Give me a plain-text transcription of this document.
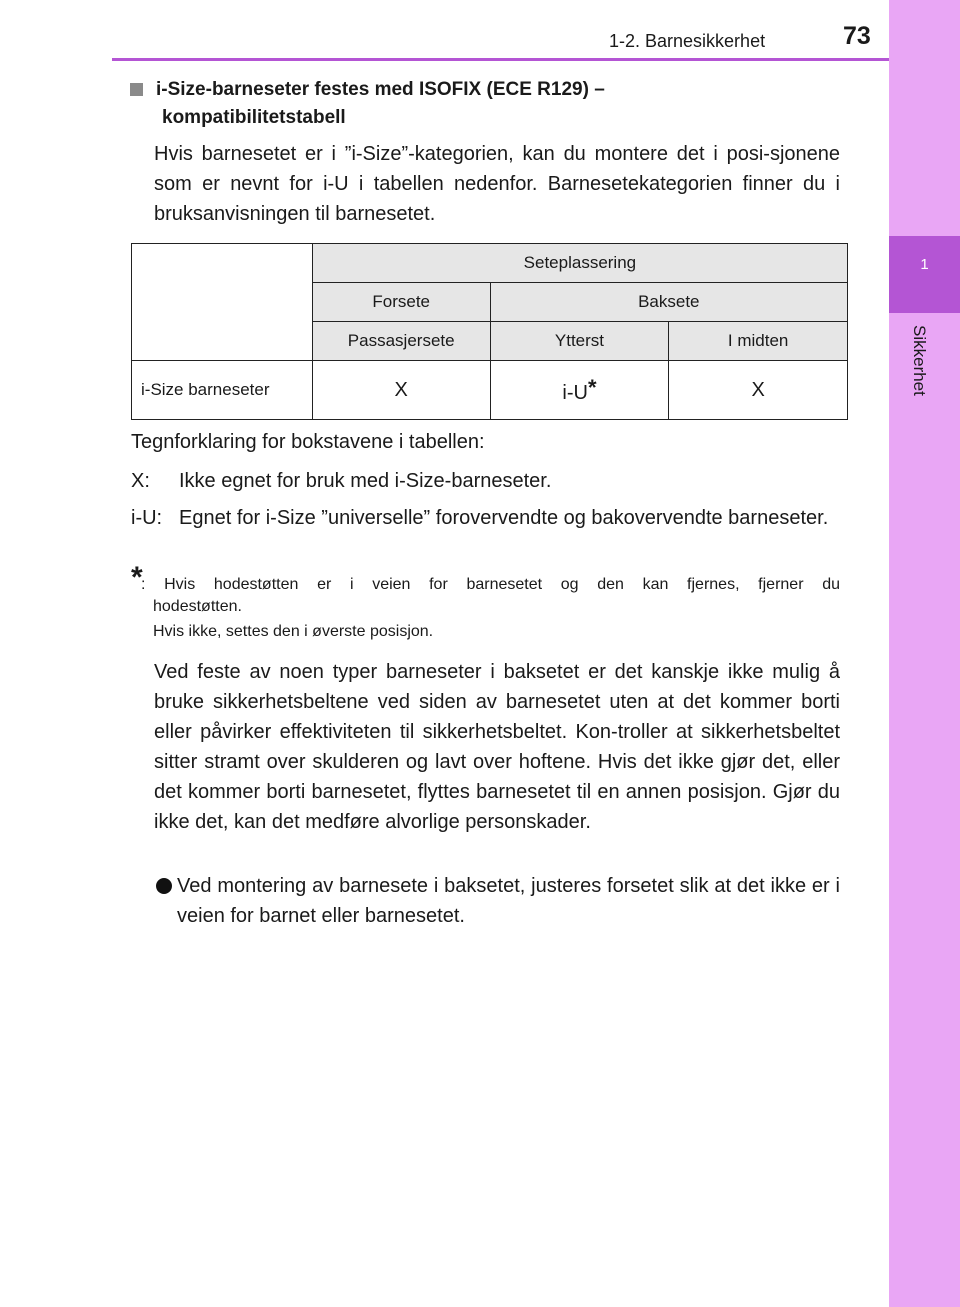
1
Sikkerhet
1-2. Barnesikkerhet	73
i-Size-barneseter festes med ISOFIX (ECE R129) –
kompatibilitetstabell
Hvis barnesetet er i ”i-Size”-kategorien, kan du montere det i posi-sjonene som er nevnt for i-U i tabellen nedenfor. Barnesetekategorien finner du i bruksanvisningen til barnesetet.
	Seteplassering		
	Forsete	Baksete	
	Passasjersete	Ytterst	I midten
i-Size barneseter	X	i-U*	X
Tegnforklaring for bokstavene i tabellen:
X: Ikke egnet for bruk med i-Size-barneseter.
i-U: Egnet for i-Size ”universelle” forovervendte og bakovervendte barneseter.
*
: Hvis hodestøtten er i veien for barnesetet og den kan fjernes, fjerner du
hodestøtten.
Hvis ikke, settes den i øverste posisjon.
Ved feste av noen typer barneseter i baksetet er det kanskje ikke mulig å bruke sikkerhetsbeltene ved siden av barnesetet uten at det kommer borti eller påvirker effektiviteten til sikkerhetsbeltet. Kon-troller at sikkerhetsbeltet sitter stramt over skulderen og lavt over hoftene. Hvis det ikke gjør det, eller det kommer borti barnesetet, flyttes barnesetet til en annen posisjon. Gjør du ikke det, kan det medføre alvorlige personskader.
Ved montering av barnesete i baksetet, justeres forsetet slik at det ikke er i veien for barnet eller barnesetet.
carmanualsonline.info
